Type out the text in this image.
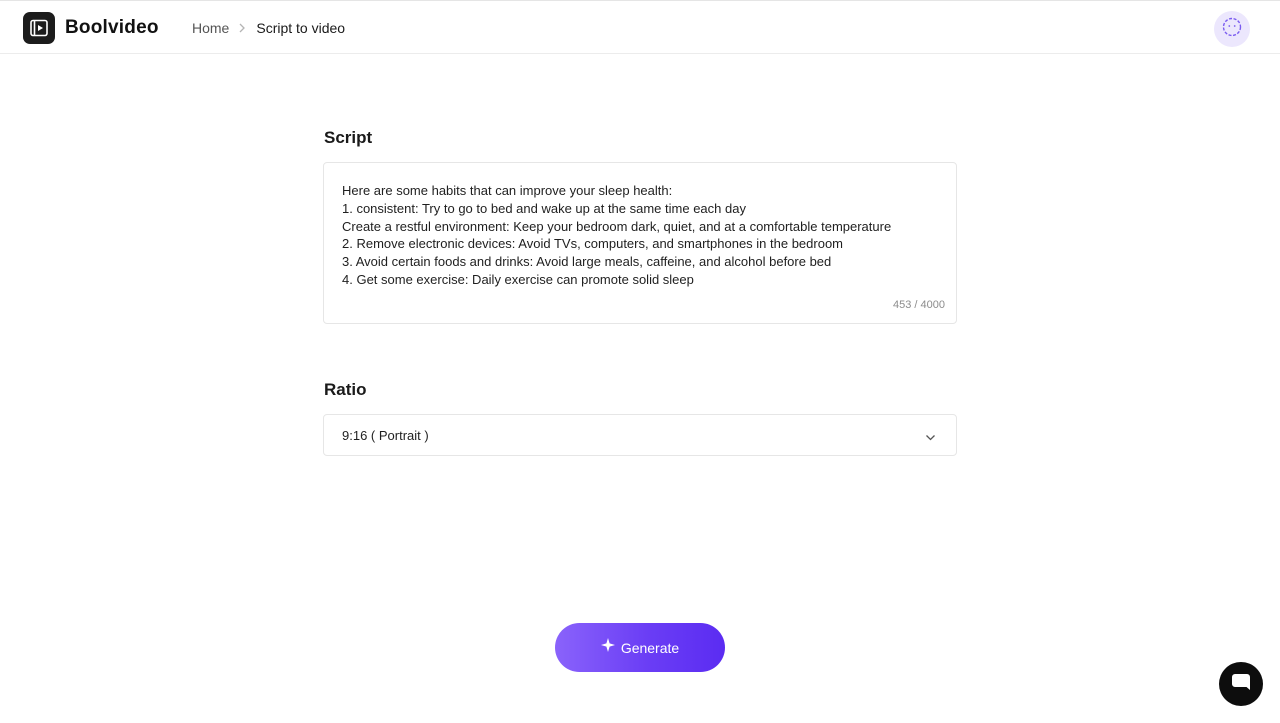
Boolvideo Home Script to video
Script
Here are some habits that can improve your sleep health:
1. consistent: Try to go to bed and wake up at the same time each day
Create a restful environment: Keep your bedroom dark, quiet, and at a comfortable temperature
2. Remove electronic devices: Avoid TVs, computers, and smartphones in the bedroom
3. Avoid certain foods and drinks: Avoid large meals, caffeine, and alcohol before bed
4. Get some exercise: Daily exercise can promote solid sleep
453 / 4000
Ratio
9:16 ( Portrait )
Generate
